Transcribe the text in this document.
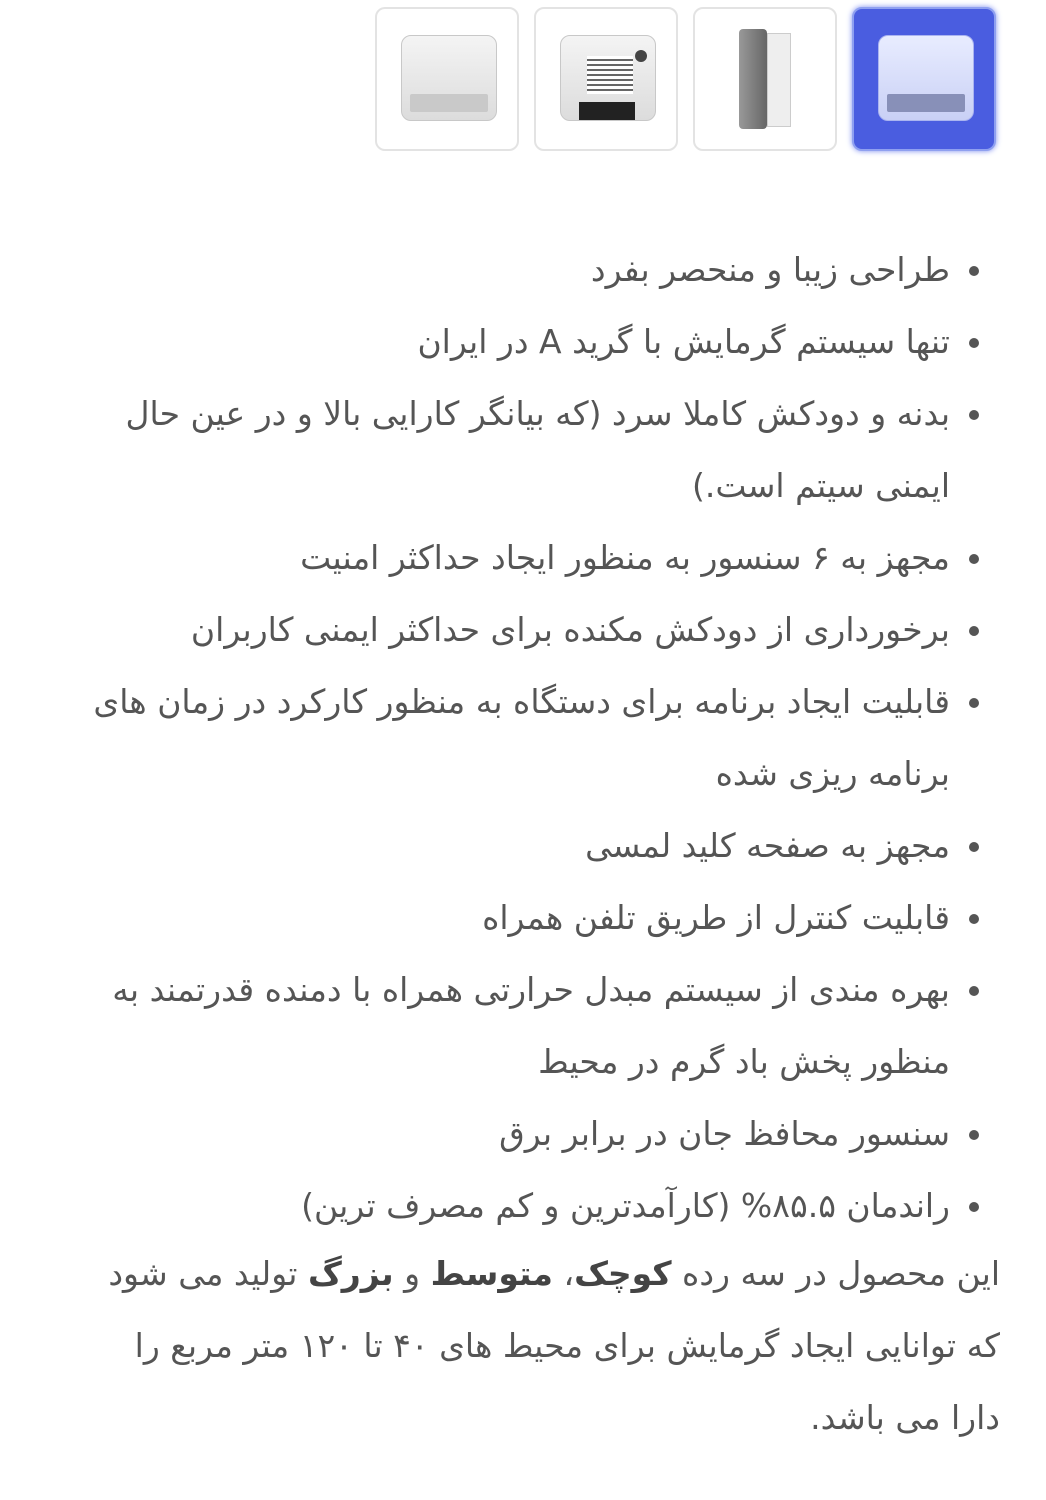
طراحی زیبا و منحصر بفرد
تنها سیستم گرمایش با گرید A در ایران
بدنه و دودکش کاملا سرد (که بیانگر کارایی بالا و در عین حال ایمنی سیتم است.)
مجهز به ۶ سنسور به منظور ایجاد حداکثر امنیت
برخورداری از دودکش مکنده برای حداکثر ایمنی کاربران
قابلیت ایجاد برنامه برای دستگاه به منظور کارکرد در زمان های برنامه ریزی شده
مجهز به صفحه کلید لمسی
قابلیت کنترل از طریق تلفن همراه
بهره مندی از سیستم مبدل حرارتی همراه با دمنده قدرتمند به منظور پخش باد گرم در محیط
سنسور محافظ جان در برابر برق
راندمان ۸۵.۵% (کارآمدترین و کم مصرف ترین)

این محصول در سه رده کوچک، متوسط و بزرگ تولید می شود که توانایی ایجاد گرمایش برای محیط های ۴۰ تا ۱۲۰ متر مربع را دارا می باشد.
